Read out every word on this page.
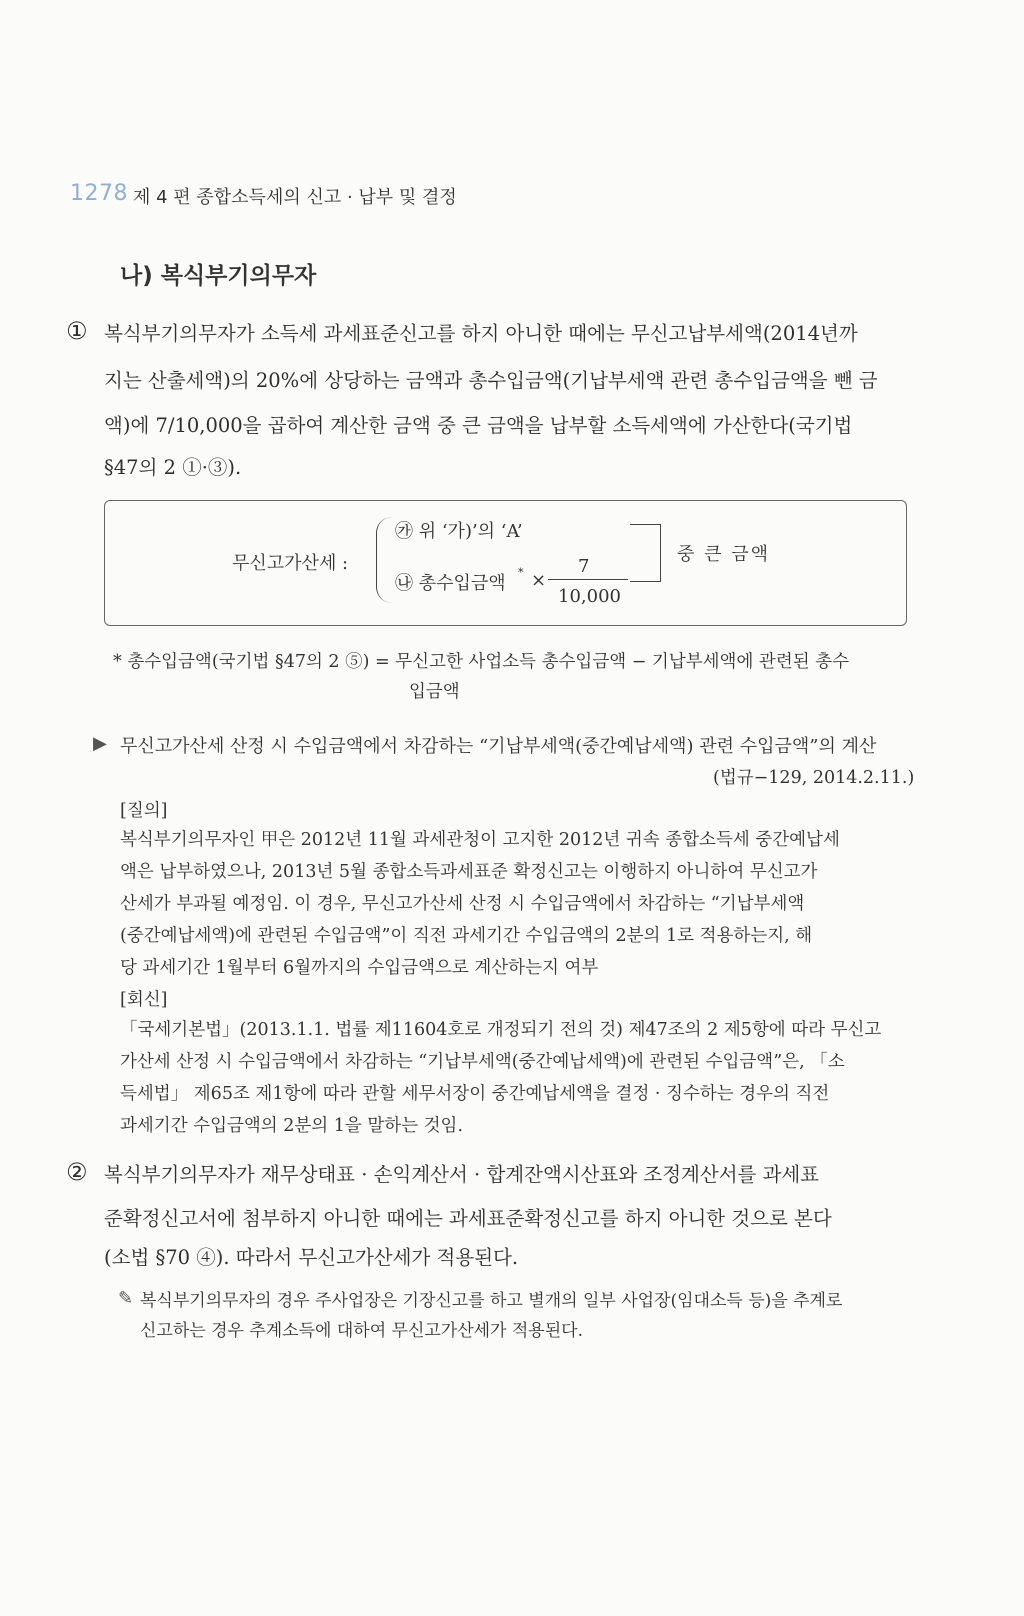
1278 제 4 편 종합소득세의 신고 · 납부 및 결정
나) 복식부기의무자
① 복식부기의무자가 소득세 과세표준신고를 하지 아니한 때에는 무신고납부세액(2014년까
지는 산출세액)의 20%에 상당하는 금액과 총수입금액(기납부세액 관련 총수입금액을 뺀 금
액)에 7/10,000을 곱하여 계산한 금액 중 큰 금액을 납부할 소득세액에 가산한다(국기법
§47의 2 ①·③).
무신고가산세 :
㉮ 위 ‘가)’의 ‘A’
㉯ 총수입금액
* ×
7
10,000
중 큰 금액
* 총수입금액(국기법 §47의 2 ⑤) = 무신고한 사업소득 총수입금액 − 기납부세액에 관련된 총수
입금액
▶ 무신고가산세 산정 시 수입금액에서 차감하는 “기납부세액(중간예납세액) 관련 수입금액”의 계산
(법규−129, 2014.2.11.)
[질의]
복식부기의무자인 甲은 2012년 11월 과세관청이 고지한 2012년 귀속 종합소득세 중간예납세
액은 납부하였으나, 2013년 5월 종합소득과세표준 확정신고는 이행하지 아니하여 무신고가
산세가 부과될 예정임. 이 경우, 무신고가산세 산정 시 수입금액에서 차감하는 “기납부세액
(중간예납세액)에 관련된 수입금액”이 직전 과세기간 수입금액의 2분의 1로 적용하는지, 해
당 과세기간 1월부터 6월까지의 수입금액으로 계산하는지 여부
[회신]
「국세기본법」(2013.1.1. 법률 제11604호로 개정되기 전의 것) 제47조의 2 제5항에 따라 무신고
가산세 산정 시 수입금액에서 차감하는 “기납부세액(중간예납세액)에 관련된 수입금액”은, 「소
득세법」 제65조 제1항에 따라 관할 세무서장이 중간예납세액을 결정 · 징수하는 경우의 직전
과세기간 수입금액의 2분의 1을 말하는 것임.
② 복식부기의무자가 재무상태표 · 손익계산서 · 합계잔액시산표와 조정계산서를 과세표
준확정신고서에 첨부하지 아니한 때에는 과세표준확정신고를 하지 아니한 것으로 본다
(소법 §70 ④). 따라서 무신고가산세가 적용된다.
✎ 복식부기의무자의 경우 주사업장은 기장신고를 하고 별개의 일부 사업장(임대소득 등)을 추계로
신고하는 경우 추계소득에 대하여 무신고가산세가 적용된다.
